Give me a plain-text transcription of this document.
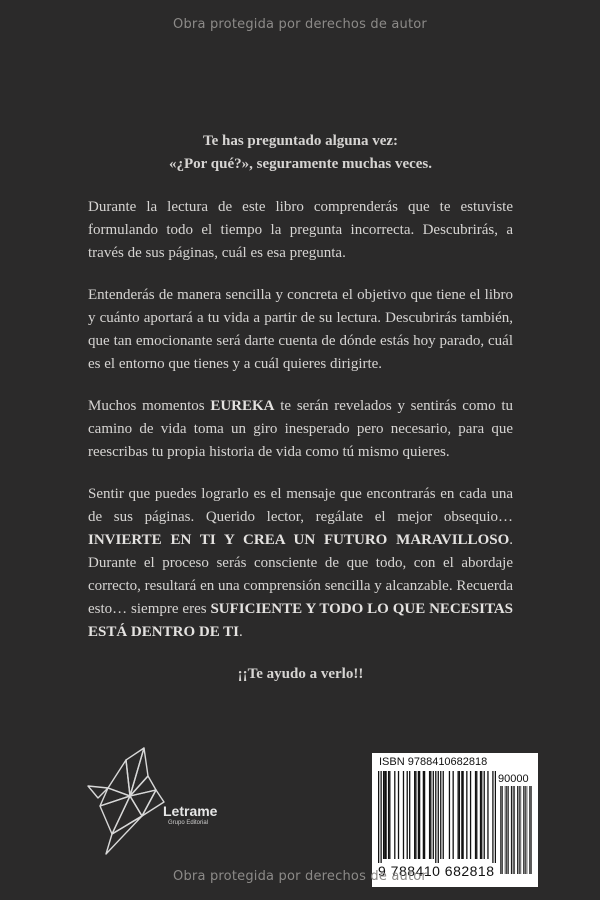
Obra protegida por derechos de autor

Te has preguntado alguna vez:
«¿Por qué?», seguramente muchas veces.

Durante la lectura de este libro comprenderás que te estuviste formulando todo el tiempo la pregunta incorrecta. Descubrirás, a través de sus páginas, cuál es esa pregunta.

Entenderás de manera sencilla y concreta el objetivo que tiene el libro y cuánto aportará a tu vida a partir de su lectura. Descubrirás también, que tan emocionante será darte cuenta de dónde estás hoy parado, cuál es el entorno que tienes y a cuál quieres dirigirte.

Muchos momentos EUREKA te serán revelados y sentirás como tu camino de vida toma un giro inesperado pero necesario, para que reescribas tu propia historia de vida como tú mismo quieres.

Sentir que puedes lograrlo es el mensaje que encontrarás en cada una de sus páginas. Querido lector, regálate el mejor obsequio… INVIERTE EN TI Y CREA UN FUTURO MARAVILLOSO. Durante el proceso serás consciente de que todo, con el abordaje correcto, resultará en una comprensión sencilla y alcanzable. Recuerda esto… siempre eres SUFICIENTE Y TODO LO QUE NECESITAS ESTÁ DENTRO DE TI.

¡¡Te ayudo a verlo!!

Letrame
Grupo Editorial
ISBN 9788410682818
90000
9 788410 682818
Obra protegida por derechos de autor
